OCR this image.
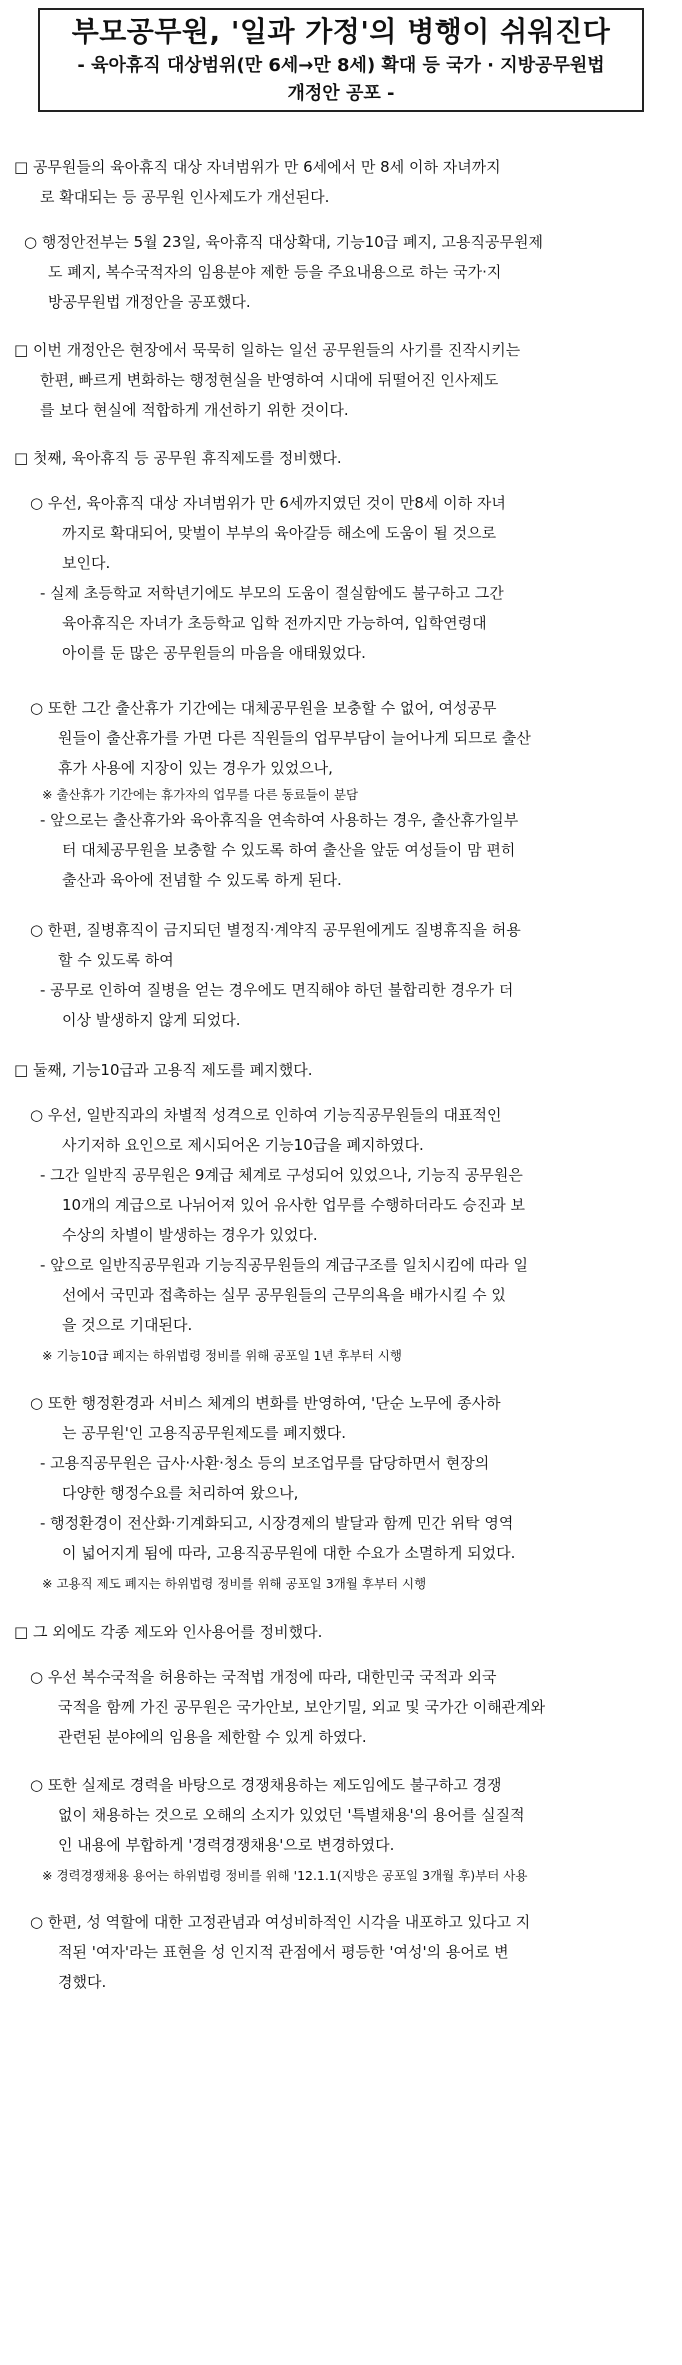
부모공무원, '일과 가정'의 병행이 쉬워진다
- 육아휴직 대상범위(만 6세→만 8세) 확대 등 국가 · 지방공무원법
개정안 공포 -
□ 공무원들의 육아휴직 대상 자녀범위가 만 6세에서 만 8세 이하 자녀까지
로 확대되는 등 공무원 인사제도가 개선된다.
○ 행정안전부는 5월 23일, 육아휴직 대상확대, 기능10급 폐지, 고용직공무원제
도 폐지, 복수국적자의 임용분야 제한 등을 주요내용으로 하는 국가·지
방공무원법 개정안을 공포했다.
□ 이번 개정안은 현장에서 묵묵히 일하는 일선 공무원들의 사기를 진작시키는
한편, 빠르게 변화하는 행정현실을 반영하여 시대에 뒤떨어진 인사제도
를 보다 현실에 적합하게 개선하기 위한 것이다.
□ 첫째, 육아휴직 등 공무원 휴직제도를 정비했다.
○ 우선, 육아휴직 대상 자녀범위가 만 6세까지였던 것이 만8세 이하 자녀
까지로 확대되어, 맞벌이 부부의 육아갈등 해소에 도움이 될 것으로
보인다.
- 실제 초등학교 저학년기에도 부모의 도움이 절실함에도 불구하고 그간
육아휴직은 자녀가 초등학교 입학 전까지만 가능하여, 입학연령대
아이를 둔 많은 공무원들의 마음을 애태웠었다.
○ 또한 그간 출산휴가 기간에는 대체공무원을 보충할 수 없어, 여성공무
원들이 출산휴가를 가면 다른 직원들의 업무부담이 늘어나게 되므로 출산
휴가 사용에 지장이 있는 경우가 있었으나,
※ 출산휴가 기간에는 휴가자의 업무를 다른 동료들이 분담
- 앞으로는 출산휴가와 육아휴직을 연속하여 사용하는 경우, 출산휴가일부
터 대체공무원을 보충할 수 있도록 하여 출산을 앞둔 여성들이 맘 편히
출산과 육아에 전념할 수 있도록 하게 된다.
○ 한편, 질병휴직이 금지되던 별정직·계약직 공무원에게도 질병휴직을 허용
할 수 있도록 하여
- 공무로 인하여 질병을 얻는 경우에도 면직해야 하던 불합리한 경우가 더
이상 발생하지 않게 되었다.
□ 둘째, 기능10급과 고용직 제도를 폐지했다.
○ 우선, 일반직과의 차별적 성격으로 인하여 기능직공무원들의 대표적인
사기저하 요인으로 제시되어온 기능10급을 폐지하였다.
- 그간 일반직 공무원은 9계급 체계로 구성되어 있었으나, 기능직 공무원은
10개의 계급으로 나뉘어져 있어 유사한 업무를 수행하더라도 승진과 보
수상의 차별이 발생하는 경우가 있었다.
- 앞으로 일반직공무원과 기능직공무원들의 계급구조를 일치시킴에 따라 일
선에서 국민과 접촉하는 실무 공무원들의 근무의욕을 배가시킬 수 있
을 것으로 기대된다.
※ 기능10급 폐지는 하위법령 정비를 위해 공포일 1년 후부터 시행
○ 또한 행정환경과 서비스 체계의 변화를 반영하여, '단순 노무에 종사하
는 공무원'인 고용직공무원제도를 폐지했다.
- 고용직공무원은 급사·사환·청소 등의 보조업무를 담당하면서 현장의
다양한 행정수요를 처리하여 왔으나,
- 행정환경이 전산화·기계화되고, 시장경제의 발달과 함께 민간 위탁 영역
이 넓어지게 됨에 따라, 고용직공무원에 대한 수요가 소멸하게 되었다.
※ 고용직 제도 폐지는 하위법령 정비를 위해 공포일 3개월 후부터 시행
□ 그 외에도 각종 제도와 인사용어를 정비했다.
○ 우선 복수국적을 허용하는 국적법 개정에 따라, 대한민국 국적과 외국
국적을 함께 가진 공무원은 국가안보, 보안기밀, 외교 및 국가간 이해관계와
관련된 분야에의 임용을 제한할 수 있게 하였다.
○ 또한 실제로 경력을 바탕으로 경쟁채용하는 제도임에도 불구하고 경쟁
없이 채용하는 것으로 오해의 소지가 있었던 '특별채용'의 용어를 실질적
인 내용에 부합하게 '경력경쟁채용'으로 변경하였다.
※ 경력경쟁채용 용어는 하위법령 정비를 위해 '12.1.1(지방은 공포일 3개월 후)부터 사용
○ 한편, 성 역할에 대한 고정관념과 여성비하적인 시각을 내포하고 있다고 지
적된 '여자'라는 표현을 성 인지적 관점에서 평등한 '여성'의 용어로 변
경했다.
